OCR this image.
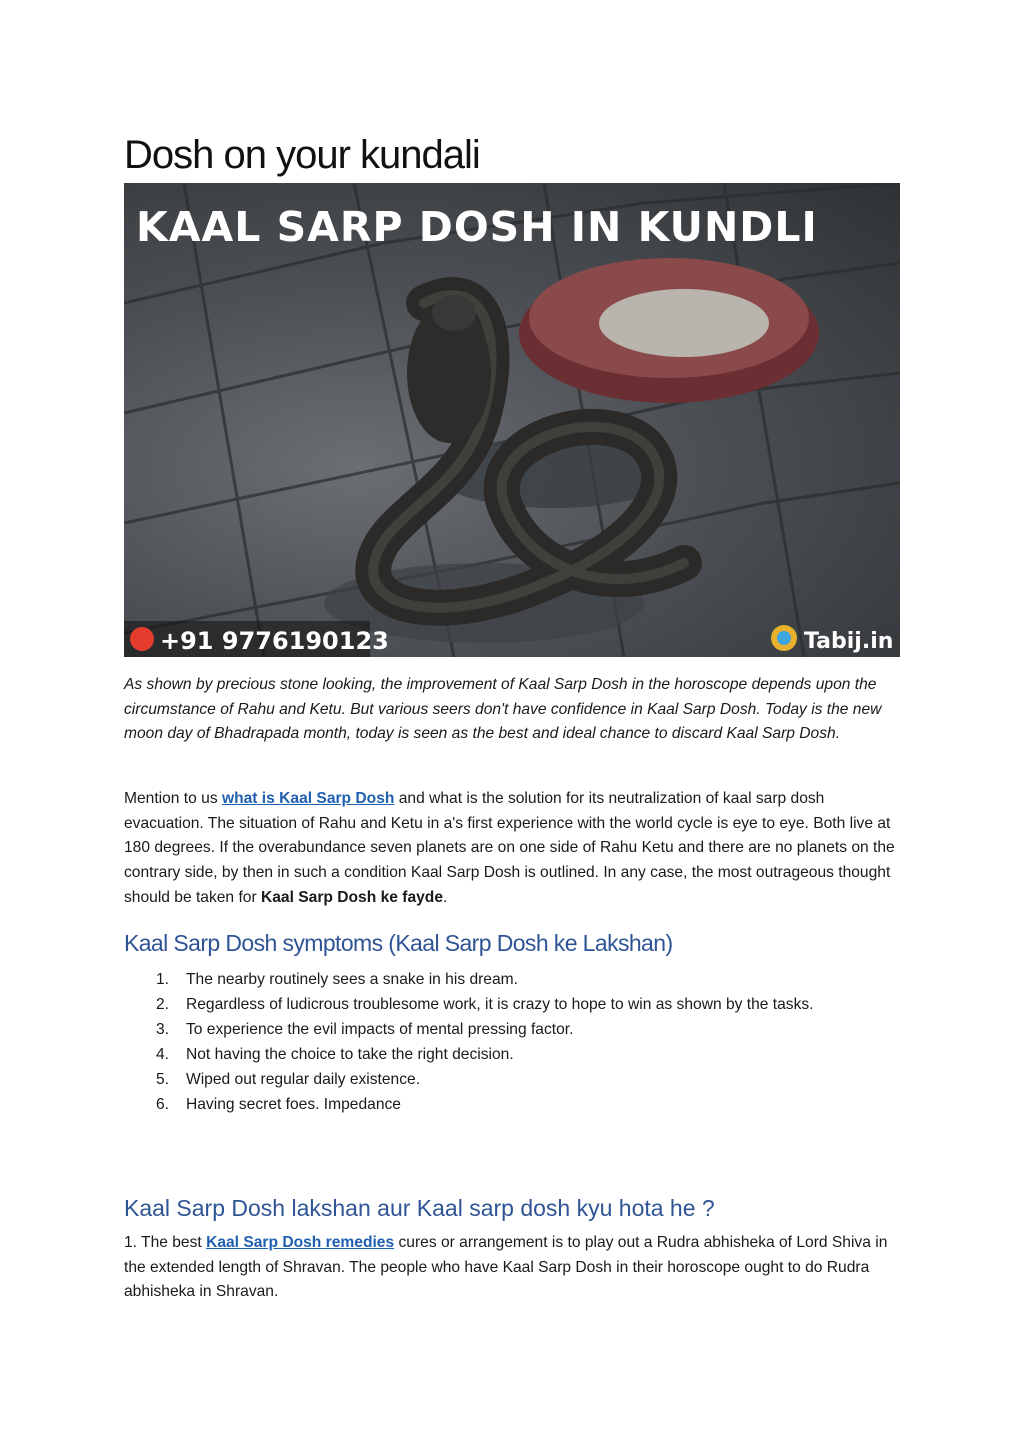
Dosh on your kundali
KAAL SARP DOSH IN KUNDLI
+91 9776190123	Tabij.in

As shown by precious stone looking, the improvement of Kaal Sarp Dosh in the horoscope depends upon the circumstance of Rahu and Ketu. But various seers don't have confidence in Kaal Sarp Dosh. Today is the new moon day of Bhadrapada month, today is seen as the best and ideal chance to discard Kaal Sarp Dosh.

Mention to us what is Kaal Sarp Dosh and what is the solution for its neutralization of kaal sarp dosh evacuation. The situation of Rahu and Ketu in a's first experience with the world cycle is eye to eye. Both live at 180 degrees. If the overabundance seven planets are on one side of Rahu Ketu and there are no planets on the contrary side, by then in such a condition Kaal Sarp Dosh is outlined. In any case, the most outrageous thought should be taken for Kaal Sarp Dosh ke fayde.

Kaal Sarp Dosh symptoms (Kaal Sarp Dosh ke Lakshan)
1. The nearby routinely sees a snake in his dream.
2. Regardless of ludicrous troublesome work, it is crazy to hope to win as shown by the tasks.
3. To experience the evil impacts of mental pressing factor.
4. Not having the choice to take the right decision.
5. Wiped out regular daily existence.
6. Having secret foes. Impedance
Kaal Sarp Dosh lakshan aur Kaal sarp dosh kyu hota he ?

1. The best Kaal Sarp Dosh remedies cures or arrangement is to play out a Rudra abhisheka of Lord Shiva in the extended length of Shravan. The people who have Kaal Sarp Dosh in their horoscope ought to do Rudra abhisheka in Shravan.
